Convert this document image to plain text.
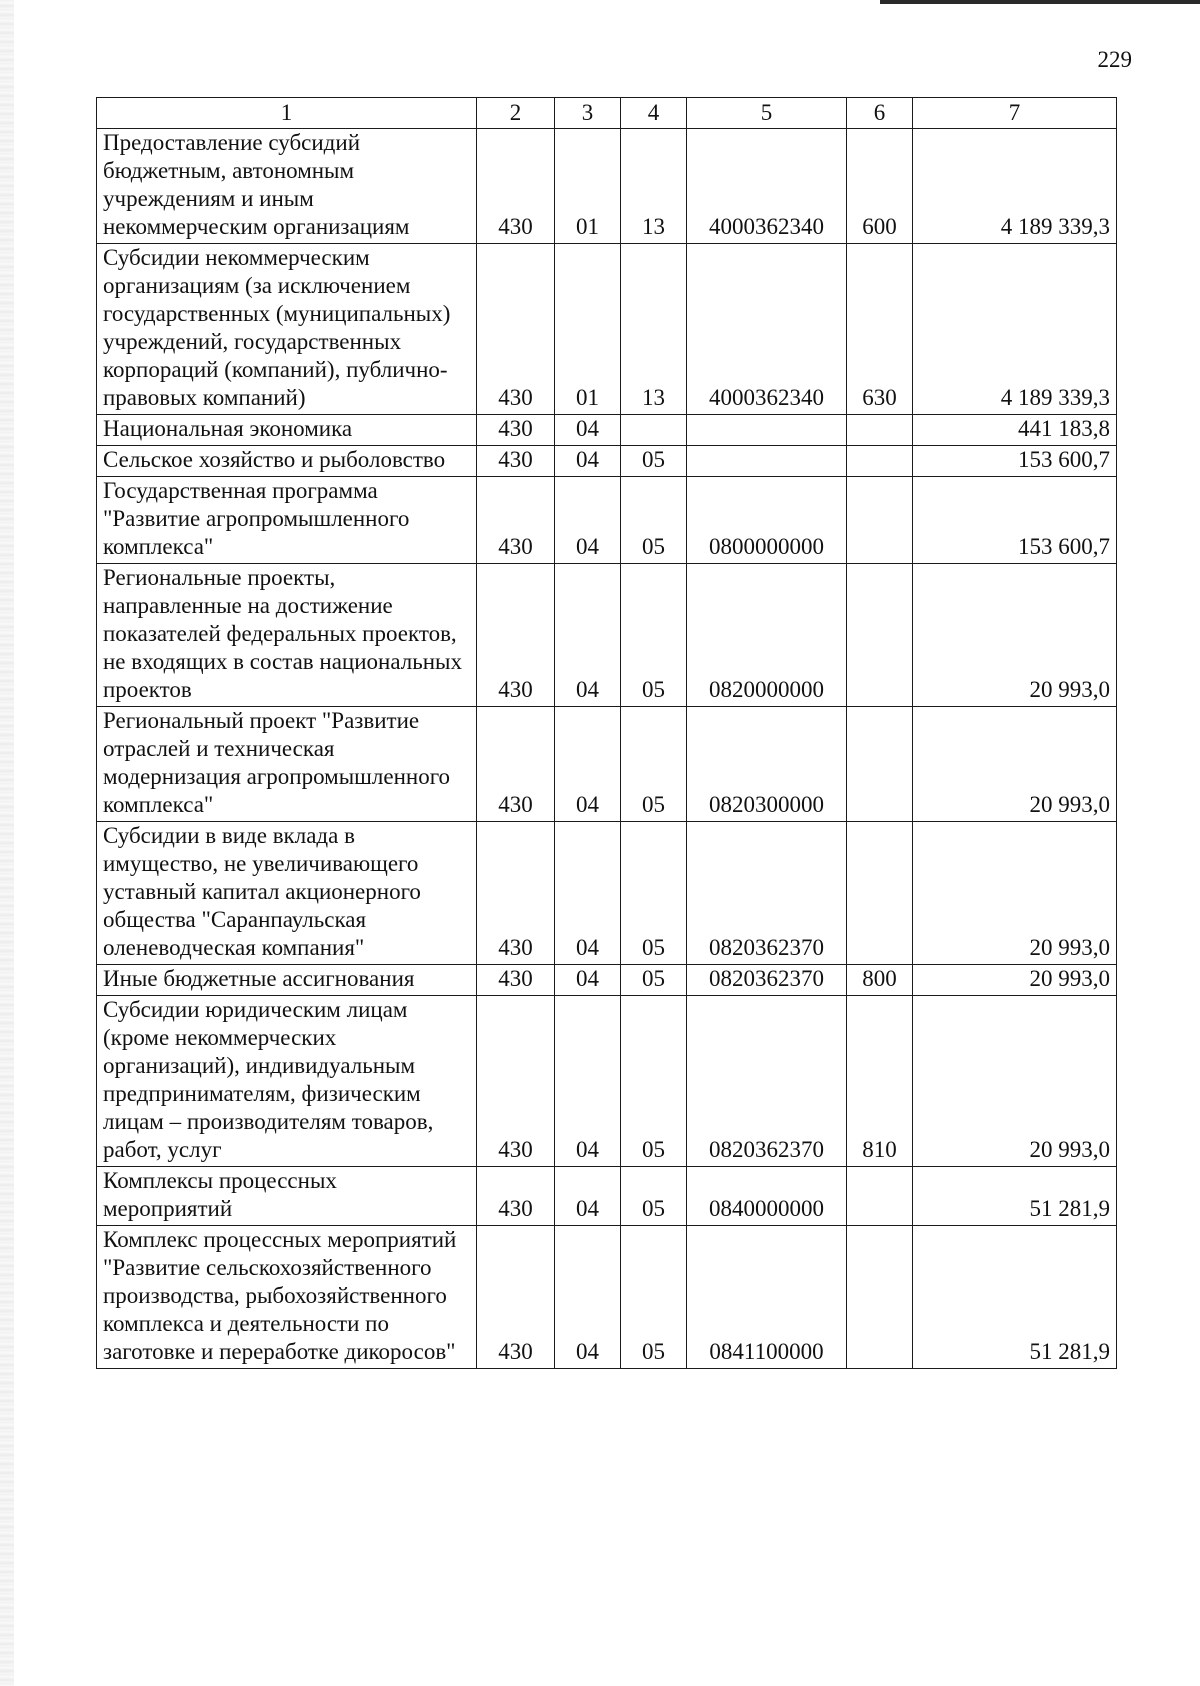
229
1	2	3	4	5	6	7
Предоставление субсидий бюджетным, автономным учреждениям и иным некоммерческим организациям	430	01	13	4000362340	600	4 189 339,3
Субсидии некоммерческим организациям (за исключением государственных (муниципальных) учреждений, государственных корпораций (компаний), публично-правовых компаний)	430	01	13	4000362340	630	4 189 339,3
Национальная экономика	430	04				441 183,8
Сельское хозяйство и рыболовство	430	04	05			153 600,7
Государственная программа "Развитие агропромышленного комплекса"	430	04	05	0800000000		153 600,7
Региональные проекты, направленные на достижение показателей федеральных проектов, не входящих в состав национальных проектов	430	04	05	0820000000		20 993,0
Региональный проект "Развитие отраслей и техническая модернизация агропромышленного комплекса"	430	04	05	0820300000		20 993,0
Субсидии в виде вклада в имущество, не увеличивающего уставный капитал акционерного общества "Саранпаульская оленеводческая компания"	430	04	05	0820362370		20 993,0
Иные бюджетные ассигнования	430	04	05	0820362370	800	20 993,0
Субсидии юридическим лицам (кроме некоммерческих организаций), индивидуальным предпринимателям, физическим лицам – производителям товаров, работ, услуг	430	04	05	0820362370	810	20 993,0
Комплексы процессных мероприятий	430	04	05	0840000000		51 281,9
Комплекс процессных мероприятий "Развитие сельскохозяйственного производства, рыбохозяйственного комплекса и деятельности по заготовке и переработке дикоросов"	430	04	05	0841100000		51 281,9
